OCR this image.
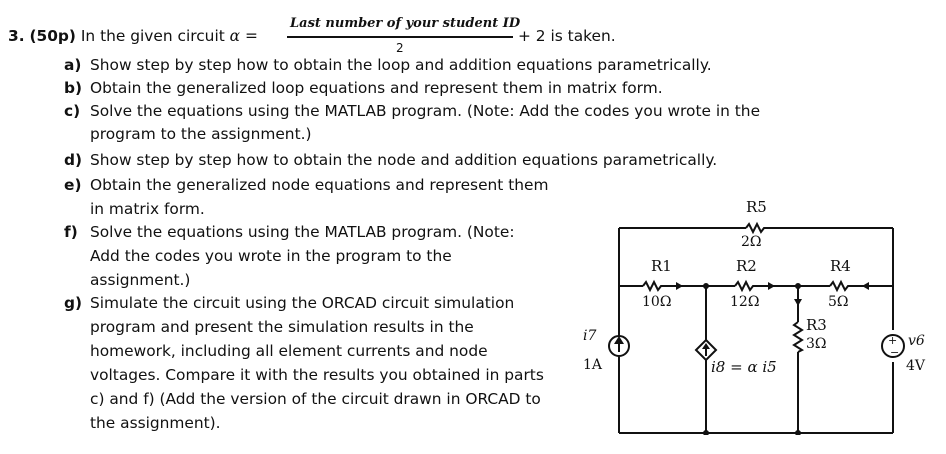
3. (50p) In the given circuit α =
Last number of your student ID
2
+ 2 is taken.
a) Show step by step how to obtain the loop and addition equations parametrically.
b) Obtain the generalized loop equations and represent them in matrix form.
c) Solve the equations using the MATLAB program. (Note: Add the codes you wrote in the
program to the assignment.)
d) Show step by step how to obtain the node and addition equations parametrically.
e) Obtain the generalized node equations and represent them
in matrix form.
f) Solve the equations using the MATLAB program. (Note:
Add the codes you wrote in the program to the
assignment.)
g) Simulate the circuit using the ORCAD circuit simulation
program and present the simulation results in the
homework, including all element currents and node
voltages. Compare it with the results you obtained in parts
c) and f) (Add the version of the circuit drawn in ORCAD to
the assignment).
+
−
R5
2Ω
R1
10Ω
R2
12Ω
R4
5Ω
R3
3Ω
i7
1A	i8 = α i5
v6
4V
